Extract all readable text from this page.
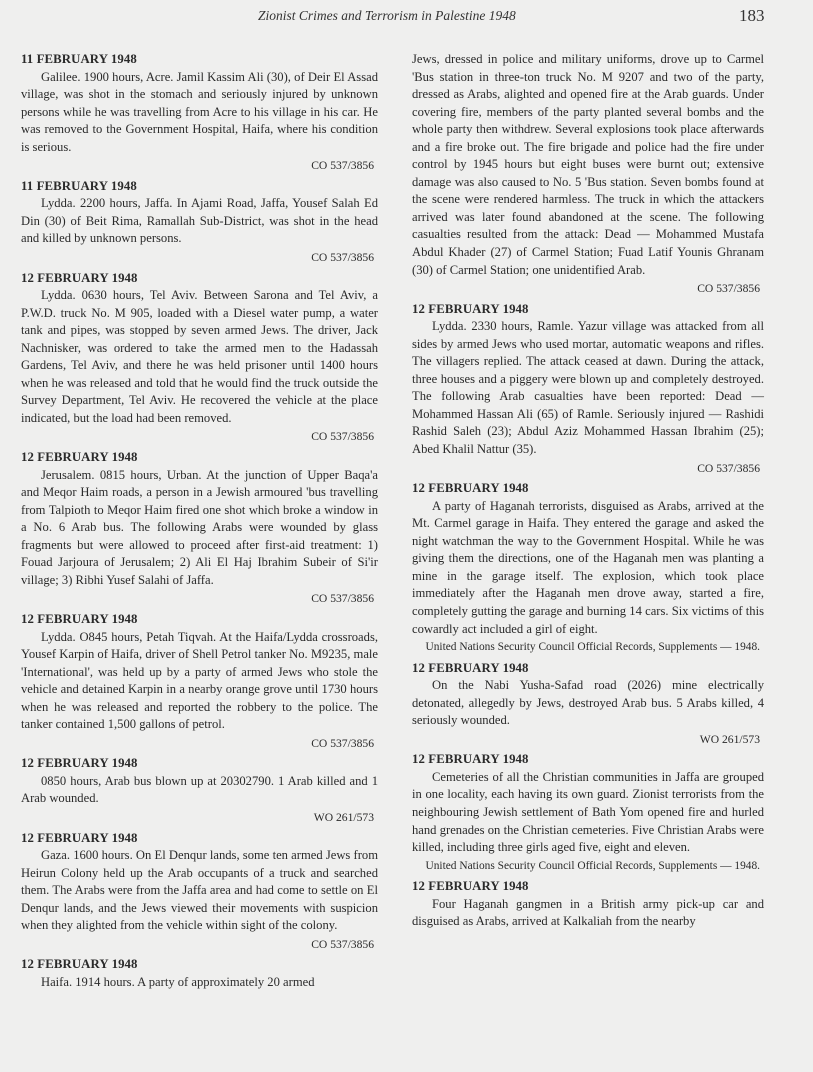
Zionist Crimes and Terrorism in Palestine 1948	183
11 FEBRUARY 1948
Galilee. 1900 hours, Acre. Jamil Kassim Ali (30), of Deir El Assad village, was shot in the stomach and seriously injured by unknown persons while he was travelling from Acre to his village in his car. He was removed to the Government Hospital, Haifa, where his condition is serious.
CO 537/3856
11 FEBRUARY 1948
Lydda. 2200 hours, Jaffa. In Ajami Road, Jaffa, Yousef Salah Ed Din (30) of Beit Rima, Ramallah Sub-District, was shot in the head and killed by unknown persons.
CO 537/3856
12 FEBRUARY 1948
Lydda. 0630 hours, Tel Aviv. Between Sarona and Tel Aviv, a P.W.D. truck No. M 905, loaded with a Diesel water pump, a water tank and pipes, was stopped by seven armed Jews. The driver, Jack Nachnisker, was ordered to take the armed men to the Hadassah Gardens, Tel Aviv, and there he was held prisoner until 1400 hours when he was released and told that he would find the truck outside the Survey Department, Tel Aviv. He recovered the vehicle at the place indicated, but the load had been removed.
CO 537/3856
12 FEBRUARY 1948
Jerusalem. 0815 hours, Urban. At the junction of Upper Baqa'a and Meqor Haim roads, a person in a Jewish armoured 'bus travelling from Talpioth to Meqor Haim fired one shot which broke a window in a No. 6 Arab bus. The following Arabs were wounded by glass fragments but were allowed to proceed after first-aid treatment: 1) Fouad Jarjoura of Jerusalem; 2) Ali El Haj Ibrahim Subeir of Si'ir village; 3) Ribhi Yusef Salahi of Jaffa.
CO 537/3856
12 FEBRUARY 1948
Lydda. O845 hours, Petah Tiqvah. At the Haifa/Lydda crossroads, Yousef Karpin of Haifa, driver of Shell Petrol tanker No. M9235, male 'International', was held up by a party of armed Jews who stole the vehicle and detained Karpin in a nearby orange grove until 1730 hours when he was released and reported the robbery to the police. The tanker contained 1,500 gallons of petrol.
CO 537/3856
12 FEBRUARY 1948
0850 hours, Arab bus blown up at 20302790. 1 Arab killed and 1 Arab wounded.
WO 261/573
12 FEBRUARY 1948
Gaza. 1600 hours. On El Denqur lands, some ten armed Jews from Heirun Colony held up the Arab occupants of a truck and searched them. The Arabs were from the Jaffa area and had come to settle on El Denqur lands, and the Jews viewed their movements with suspicion when they alighted from the vehicle within sight of the colony.
CO 537/3856
12 FEBRUARY 1948
Haifa. 1914 hours. A party of approximately 20 armed
Jews, dressed in police and military uniforms, drove up to Carmel 'Bus station in three-ton truck No. M 9207 and two of the party, dressed as Arabs, alighted and opened fire at the Arab guards. Under covering fire, members of the party planted several bombs and the whole party then withdrew. Several explosions took place afterwards and a fire broke out. The fire brigade and police had the fire under control by 1945 hours but eight buses were burnt out; extensive damage was also caused to No. 5 'Bus station. Seven bombs found at the scene were rendered harmless. The truck in which the attackers arrived was later found abandoned at the scene. The following casualties resulted from the attack: Dead — Mohammed Mustafa Abdul Khader (27) of Carmel Station; Fuad Latif Younis Ghranam (30) of Carmel Station; one unidentified Arab.
CO 537/3856
12 FEBRUARY 1948
Lydda. 2330 hours, Ramle. Yazur village was attacked from all sides by armed Jews who used mortar, automatic weapons and rifles. The villagers replied. The attack ceased at dawn. During the attack, three houses and a piggery were blown up and completely destroyed. The following Arab casualties have been reported: Dead — Mohammed Hassan Ali (65) of Ramle. Seriously injured — Rashidi Rashid Saleh (23); Abdul Aziz Mohammed Hassan Ibrahim (25); Abed Khalil Nattur (35).
CO 537/3856
12 FEBRUARY 1948
A party of Haganah terrorists, disguised as Arabs, arrived at the Mt. Carmel garage in Haifa. They entered the garage and asked the night watchman the way to the Government Hospital. While he was giving them the directions, one of the Haganah men was planting a mine in the garage itself. The explosion, which took place immediately after the Haganah men drove away, started a fire, completely gutting the garage and burning 14 cars. Six victims of this cowardly act included a girl of eight.
United Nations Security Council Official Records, Supplements — 1948.
12 FEBRUARY 1948
On the Nabi Yusha-Safad road (2026) mine electrically detonated, allegedly by Jews, destroyed Arab bus. 5 Arabs killed, 4 seriously wounded.
WO 261/573
12 FEBRUARY 1948
Cemeteries of all the Christian communities in Jaffa are grouped in one locality, each having its own guard. Zionist terrorists from the neighbouring Jewish settlement of Bath Yom opened fire and hurled hand grenades on the Christian cemeteries. Five Christian Arabs were killed, including three girls aged five, eight and eleven.
United Nations Security Council Official Records, Supplements — 1948.
12 FEBRUARY 1948
Four Haganah gangmen in a British army pick-up car and disguised as Arabs, arrived at Kalkaliah from the nearby
